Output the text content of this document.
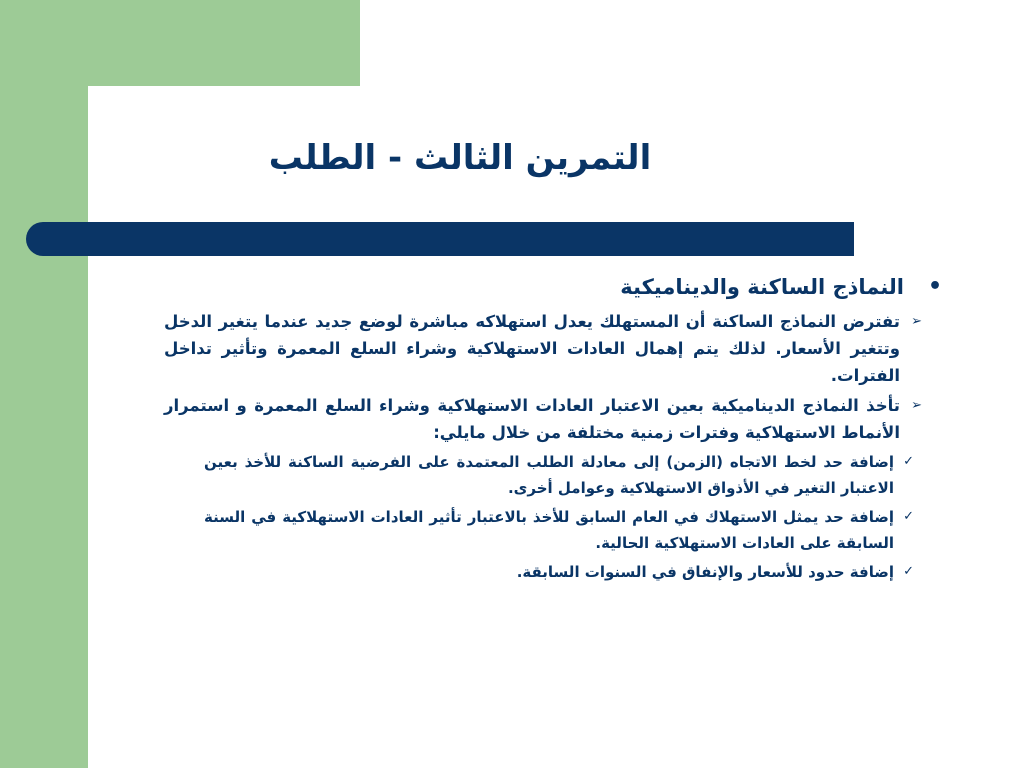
التمرين الثالث - الطلب

•
النماذج الساكنة والديناميكية

➢
تفترض النماذج الساكنة أن المستهلك يعدل استهلاكه مباشرة لوضع جديد عندما يتغير الدخل وتتغير الأسعار. لذلك يتم إهمال العادات الاستهلاكية وشراء السلع المعمرة وتأثير تداخل الفترات.

➢
تأخذ النماذج الديناميكية بعين الاعتبار العادات الاستهلاكية وشراء السلع المعمرة و استمرار الأنماط الاستهلاكية وفترات زمنية مختلفة من خلال مايلي:

✓
إضافة حد لخط الاتجاه (الزمن) إلى معادلة الطلب المعتمدة على الفرضية الساكنة للأخذ بعين الاعتبار التغير في الأذواق الاستهلاكية وعوامل أخرى.

✓
إضافة حد يمثل الاستهلاك في العام السابق للأخذ بالاعتبار تأثير العادات الاستهلاكية في السنة السابقة على العادات الاستهلاكية الحالية.

✓
إضافة حدود للأسعار والإنفاق في السنوات السابقة.
